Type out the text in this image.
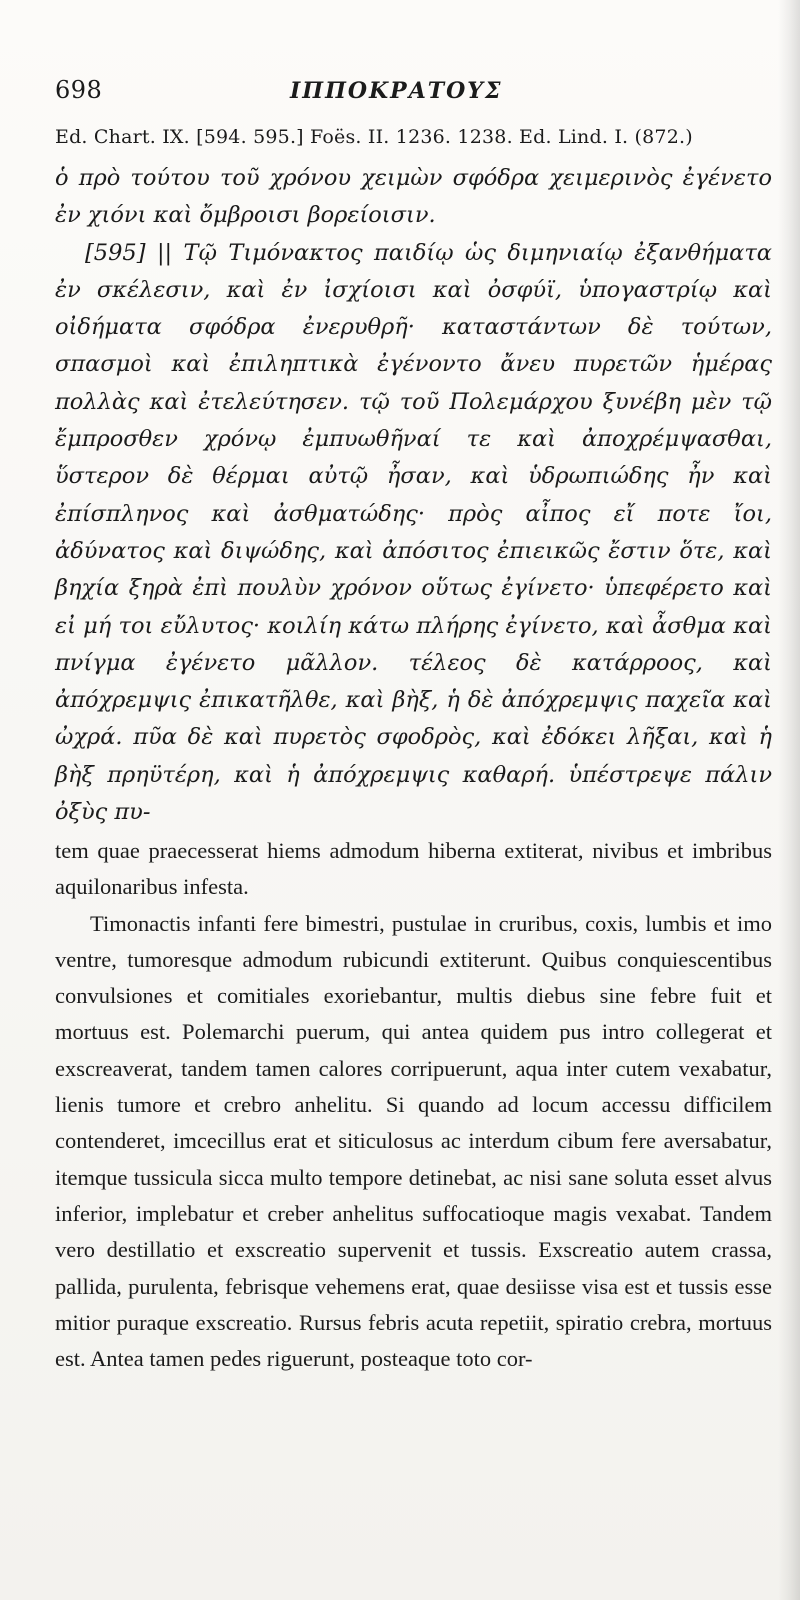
698	ΙΠΠΟΚΡΑΤΟΥΣ
Ed. Chart. IX. [594. 595.] Foës. II. 1236. 1238. Ed. Lind. I. (872.)

ὁ πρὸ τούτου τοῦ χρόνου χειμὼν σφόδρα χειμερινὸς ἐγένετο ἐν χιόνι καὶ ὄμβροισι βορείοισιν.

[595] || Τῷ Τιμόνακτος παιδίῳ ὡς διμηνιαίῳ ἐξανθήματα ἐν σκέλεσιν, καὶ ἐν ἰσχίοισι καὶ ὀσφύϊ, ὑπογαστρίῳ καὶ οἰδήματα σφόδρα ἐνερυθρῆ· καταστάντων δὲ τούτων, σπασμοὶ καὶ ἐπιληπτικὰ ἐγένοντο ἄνευ πυρετῶν ἡμέρας πολλὰς καὶ ἐτελεύτησεν. τῷ τοῦ Πολεμάρχου ξυνέβη μὲν τῷ ἔμπροσθεν χρόνῳ ἐμπυωθῆναί τε καὶ ἀποχρέμψασθαι, ὕστερον δὲ θέρμαι αὐτῷ ἦσαν, καὶ ὑδρωπιώδης ἦν καὶ ἐπίσπληνος καὶ ἀσθματώδης· πρὸς αἶπος εἴ ποτε ἴοι, ἀδύνατος καὶ διψώδης, καὶ ἀπόσιτος ἐπιεικῶς ἔστιν ὅτε, καὶ βηχία ξηρὰ ἐπὶ πουλὺν χρόνον οὕτως ἐγίνετο· ὑπεφέρετο καὶ εἰ μή τοι εὔλυτος· κοιλίη κάτω πλήρης ἐγίνετο, καὶ ἆσθμα καὶ πνίγμα ἐγένετο μᾶλλον. τέλεος δὲ κατάρροος, καὶ ἀπόχρεμψις ἐπικατῆλθε, καὶ βὴξ, ἡ δὲ ἀπόχρεμψις παχεῖα καὶ ὠχρά. πῦα δὲ καὶ πυρετὸς σφοδρὸς, καὶ ἐδόκει λῆξαι, καὶ ἡ βὴξ πρηϋτέρη, καὶ ἡ ἀπόχρεμψις καθαρή. ὑπέστρεψε πάλιν ὀξὺς πυ-

tem quae praecesserat hiems admodum hiberna extiterat, nivibus et imbribus aquilonaribus infesta.

Timonactis infanti fere bimestri, pustulae in cruribus, coxis, lumbis et imo ventre, tumoresque admodum rubicundi extiterunt. Quibus conquiescentibus convulsiones et comitiales exoriebantur, multis diebus sine febre fuit et mortuus est. Polemarchi puerum, qui antea quidem pus intro collegerat et exscreaverat, tandem tamen calores corripuerunt, aqua inter cutem vexabatur, lienis tumore et crebro anhelitu. Si quando ad locum accessu difficilem contenderet, imcecillus erat et siticulosus ac interdum cibum fere aversabatur, itemque tussicula sicca multo tempore detinebat, ac nisi sane soluta esset alvus inferior, implebatur et creber anhelitus suffocatioque magis vexabat. Tandem vero destillatio et exscreatio supervenit et tussis. Exscreatio autem crassa, pallida, purulenta, febrisque vehemens erat, quae desiisse visa est et tussis esse mitior puraque exscreatio. Rursus febris acuta repetiit, spiratio crebra, mortuus est. Antea tamen pedes riguerunt, posteaque toto cor-
